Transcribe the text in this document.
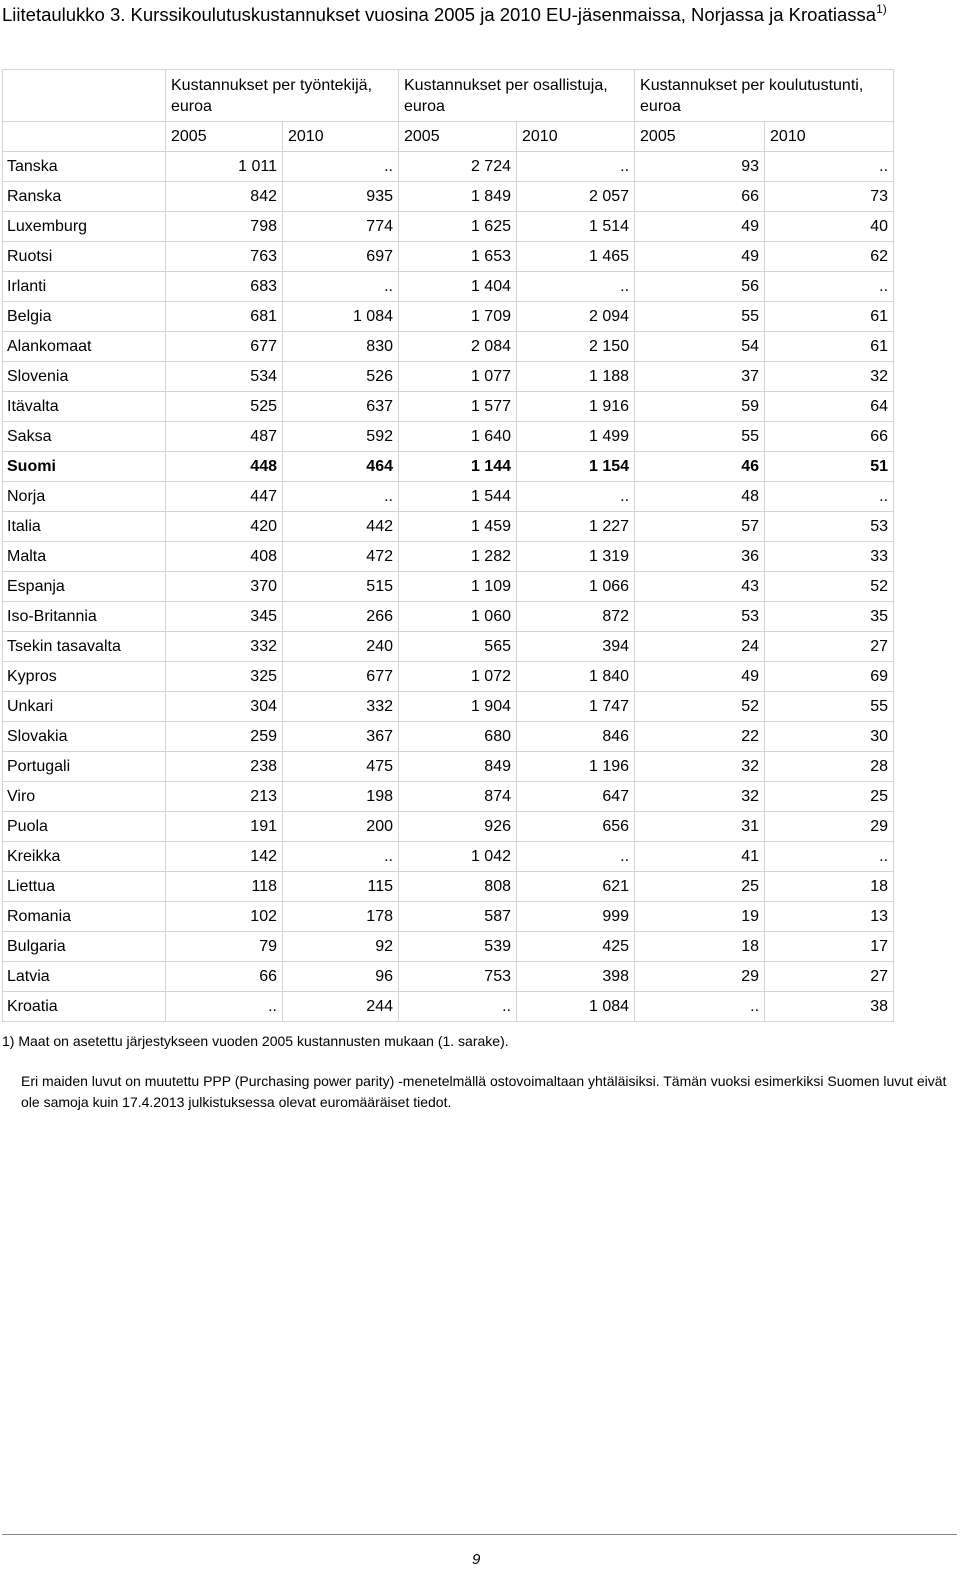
Liitetaulukko 3. Kurssikoulutuskustannukset vuosina 2005 ja 2010 EU-jäsenmaissa, Norjassa ja Kroatiassa$^{1)}$
	Kustannukset per työntekijä, euroa		Kustannukset per osallistuja, euroa		Kustannukset per koulutustunti, euroa	
	2005	2010	2005	2010	2005	2010
Tanska	1 011	..	2 724	..	93	..
Ranska	842	935	1 849	2 057	66	73
Luxemburg	798	774	1 625	1 514	49	40
Ruotsi	763	697	1 653	1 465	49	62
Irlanti	683	..	1 404	..	56	..
Belgia	681	1 084	1 709	2 094	55	61
Alankomaat	677	830	2 084	2 150	54	61
Slovenia	534	526	1 077	1 188	37	32
Itävalta	525	637	1 577	1 916	59	64
Saksa	487	592	1 640	1 499	55	66
Suomi	448	464	1 144	1 154	46	51
Norja	447	..	1 544	..	48	..
Italia	420	442	1 459	1 227	57	53
Malta	408	472	1 282	1 319	36	33
Espanja	370	515	1 109	1 066	43	52
Iso-Britannia	345	266	1 060	872	53	35
Tsekin tasavalta	332	240	565	394	24	27
Kypros	325	677	1 072	1 840	49	69
Unkari	304	332	1 904	1 747	52	55
Slovakia	259	367	680	846	22	30
Portugali	238	475	849	1 196	32	28
Viro	213	198	874	647	32	25
Puola	191	200	926	656	31	29
Kreikka	142	..	1 042	..	41	..
Liettua	118	115	808	621	25	18
Romania	102	178	587	999	19	13
Bulgaria	79	92	539	425	18	17
Latvia	66	96	753	398	29	27
Kroatia	..	244	..	1 084	..	38
1) Maat on asetettu järjestykseen vuoden 2005 kustannusten mukaan (1. sarake).
Eri maiden luvut on muutettu PPP (Purchasing power parity) -menetelmällä ostovoimaltaan yhtäläisiksi. Tämän vuoksi esimerkiksi Suomen luvut eivät ole samoja kuin 17.4.2013 julkistuksessa olevat euromääräiset tiedot.
9
